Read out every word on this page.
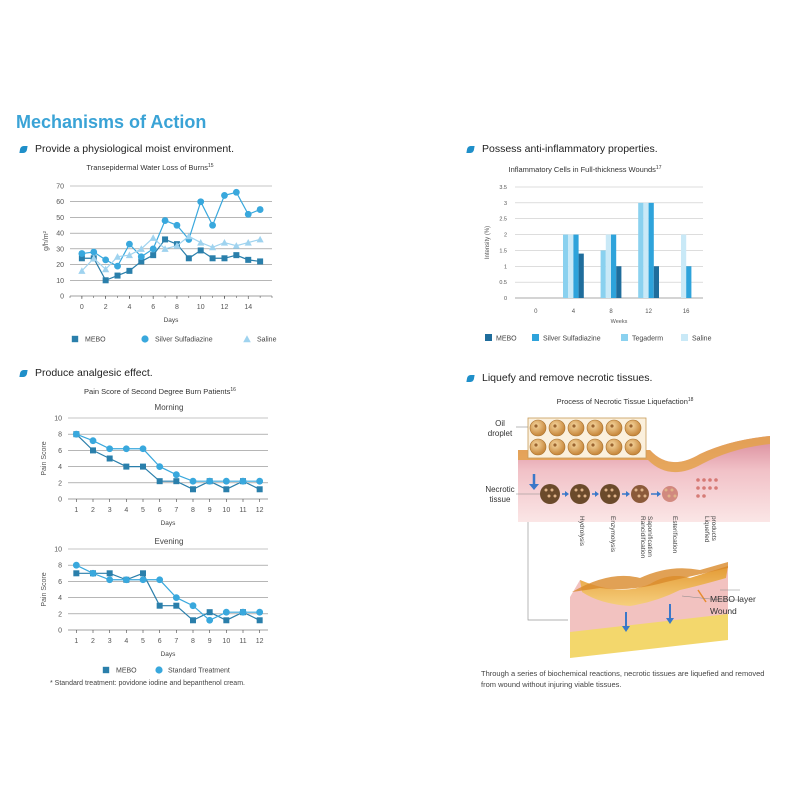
Mechanisms of Action
Provide a physiological moist environment.	Possess anti-inflammatory properties.
Produce analgesic effect.	Liquefy and remove necrotic tissues.
Transepidermal Water Loss of Burns$^{15}$
0
10
20
30
40
50
60
70
0	2	4	6	8	10 12 14
Days
g/h/m²
MEBO	Silver Sulfadiazine	Saline
Inflammatory Cells in Full-thickness Wounds$^{17}$
0
0.5
1
1.5
2
2.5
3
3.5
0	4	8	12	16
Weeks
Intensity (%)
MEBO	Silver Sulfadiazine	Tegaderm	Saline
Pain Score of Second Degree Burn Patients$^{16}$
Morning
0
2
4
6
8
10
1 2 3 4 5 6 7 8 9 10 11 12
Days
Pain Score
Evening
0
2
4
6
8
10
1 2 3 4 5 6 7 8 9 10 11 12
Days
Pain Score
MEBO	Standard Treatment
* Standard treatment: povidone iodine and bepanthenol cream.
Process of Necrotic Tissue Liquefaction$^{18}$
Oil
droplet
Necrotic
tissue
Hydrolysis	Enzymolysis	Rancidification Saponification	Esterification	Liquefied products
MEBO layer
Wound
Through a series of biochemical reactions, necrotic tissues are liquefied and removed from wound without injuring viable tissues.
